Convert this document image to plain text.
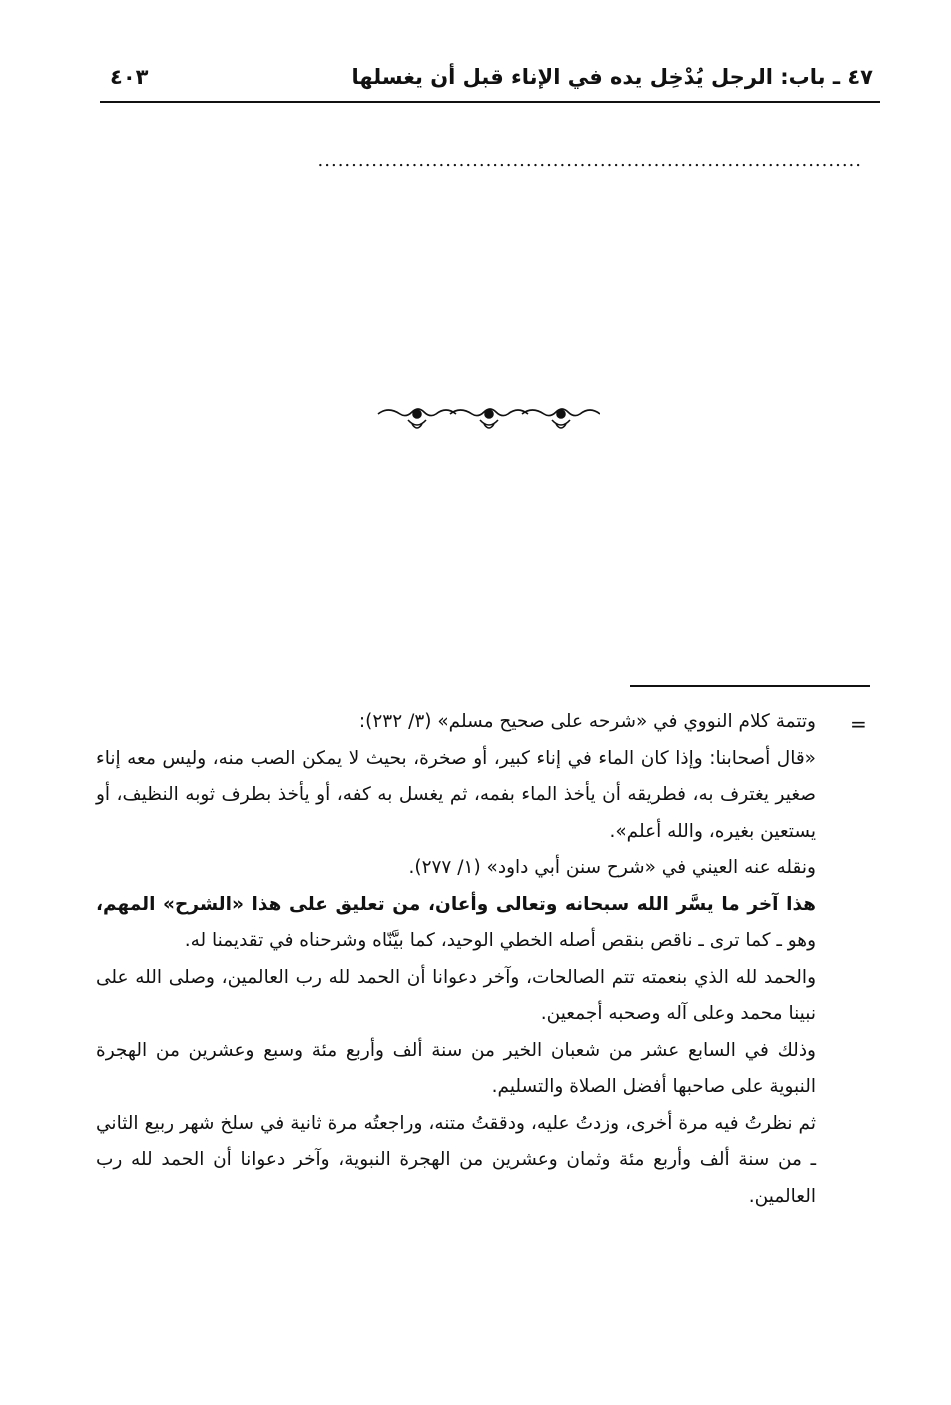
٤٧ ـ باب: الرجل يُدْخِل يده في الإناء قبل أن يغسلها
٤٠٣
.................................................................................
=

وتتمة كلام النووي في «شرحه على صحيح مسلم» (٣/ ٢٣٢):

«قال أصحابنا: وإذا كان الماء في إناء كبير، أو صخرة، بحيث لا يمكن الصب منه، وليس معه إناء صغير يغترف به، فطريقه أن يأخذ الماء بفمه، ثم يغسل به كفه، أو يأخذ بطرف ثوبه النظيف، أو يستعين بغيره، والله أعلم».

ونقله عنه العيني في «شرح سنن أبي داود» (١/ ٢٧٧).

هذا آخر ما يسَّر الله سبحانه وتعالى وأعان، من تعليق على هذا «الشرح» المهم، وهو ـ كما ترى ـ ناقص بنقص أصله الخطي الوحيد، كما بيَّنّاه وشرحناه في تقديمنا له.

والحمد لله الذي بنعمته تتم الصالحات، وآخر دعوانا أن الحمد لله رب العالمين، وصلى الله على نبينا محمد وعلى آله وصحبه أجمعين.

وذلك في السابع عشر من شعبان الخير من سنة ألف وأربع مئة وسبع وعشرين من الهجرة النبوية على صاحبها أفضل الصلاة والتسليم.

ثم نظرتُ فيه مرة أخرى، وزدتُ عليه، ودققتُ متنه، وراجعتُه مرة ثانية في سلخ شهر ربيع الثاني ـ من سنة ألف وأربع مئة وثمان وعشرين من الهجرة النبوية، وآخر دعوانا أن الحمد لله رب العالمين.
